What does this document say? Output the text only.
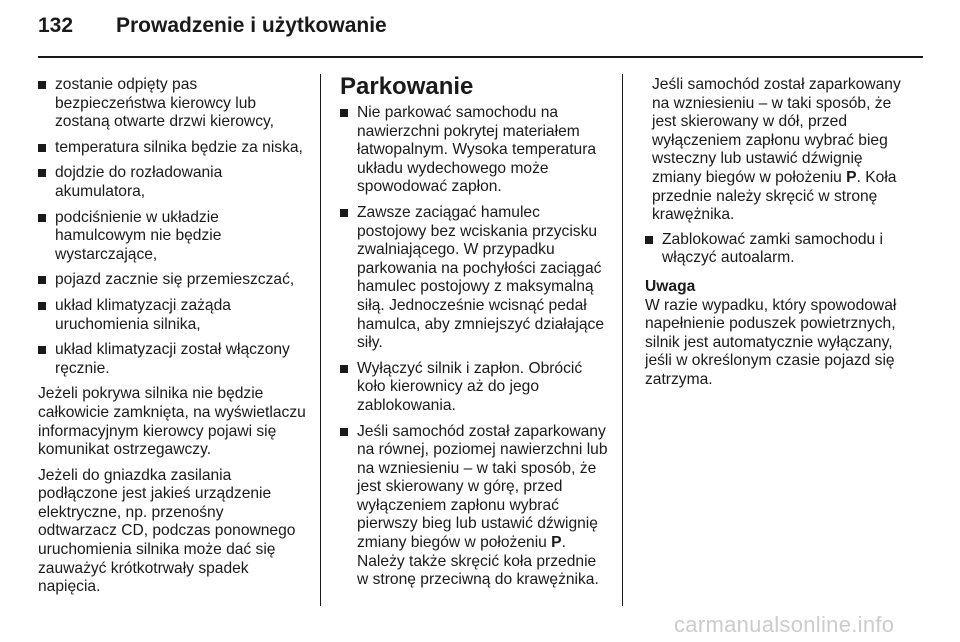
132 Prowadzenie i użytkowanie
zostanie odpięty pas bezpieczeństwa kierowcy lub zostaną otwarte drzwi kierowcy,
temperatura silnika będzie za niska,
dojdzie do rozładowania akumulatora,
podciśnienie w układzie hamulcowym nie będzie wystarczające,
pojazd zacznie się przemieszczać,
układ klimatyzacji zażąda uruchomienia silnika,
układ klimatyzacji został włączony ręcznie.

Jeżeli pokrywa silnika nie będzie całkowicie zamknięta, na wyświetlaczu informacyjnym kierowcy pojawi się komunikat ostrzegawczy.

Jeżeli do gniazdka zasilania podłączone jest jakieś urządzenie elektryczne, np. przenośny odtwarzacz CD, podczas ponownego uruchomienia silnika może dać się zauważyć krótkotrwały spadek napięcia.

Parkowanie
Nie parkować samochodu na nawierzchni pokrytej materiałem łatwopalnym. Wysoka temperatura układu wydechowego może spowodować zapłon.
Zawsze zaciągać hamulec postojowy bez wciskania przycisku zwalniającego. W przypadku parkowania na pochyłości zaciągać hamulec postojowy z maksymalną siłą. Jednocześnie wcisnąć pedał hamulca, aby zmniejszyć działające siły.
Wyłączyć silnik i zapłon. Obrócić koło kierownicy aż do jego zablokowania.
Jeśli samochód został zaparkowany na równej, poziomej nawierzchni lub na wzniesieniu – w taki sposób, że jest skierowany w górę, przed wyłączeniem zapłonu wybrać pierwszy bieg lub ustawić dźwignię zmiany biegów w położeniu P. Należy także skręcić koła przednie w stronę przeciwną do krawężnika.

Jeśli samochód został zaparkowany na wzniesieniu – w taki sposób, że jest skierowany w dół, przed wyłączeniem zapłonu wybrać bieg wsteczny lub ustawić dźwignię zmiany biegów w położeniu P. Koła przednie należy skręcić w stronę krawężnika.

Zablokować zamki samochodu i włączyć autoalarm.
Uwaga

W razie wypadku, który spowodował napełnienie poduszek powietrznych, silnik jest automatycznie wyłączany, jeśli w określonym czasie pojazd się zatrzyma.

carmanualsonline.info
